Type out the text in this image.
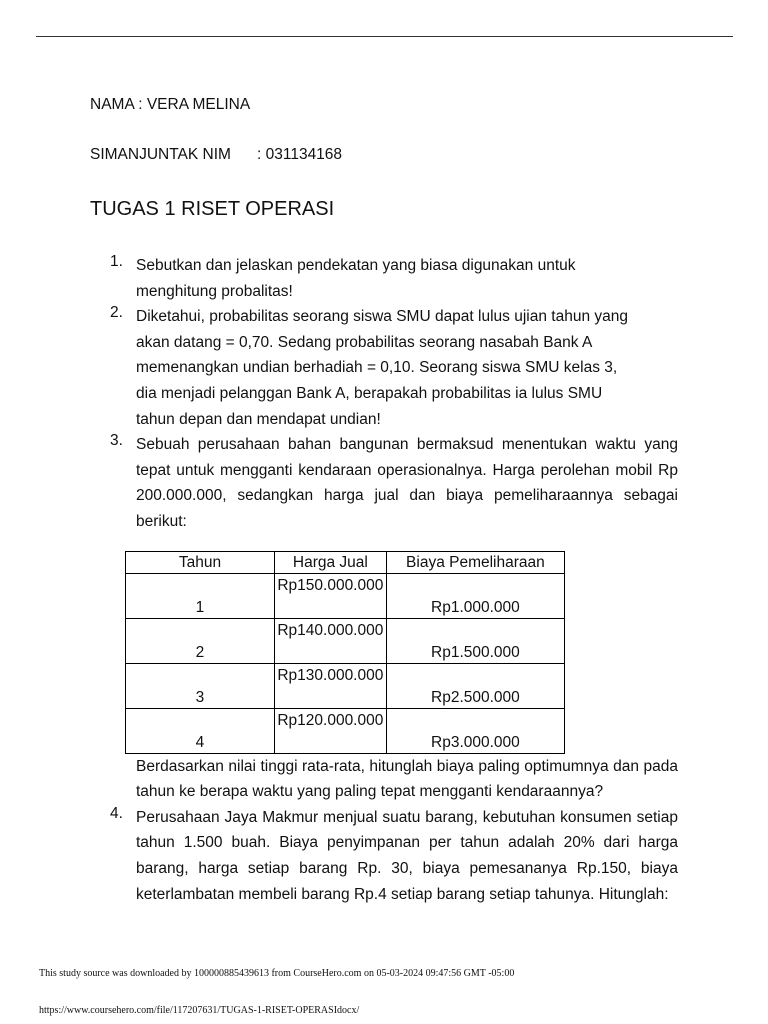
NAMA : VERA MELINA
SIMANJUNTAK NIM : 031134168
TUGAS 1 RISET OPERASI
1. Sebutkan dan jelaskan pendekatan yang biasa digunakan untuk
menghitung probalitas!
2. Diketahui, probabilitas seorang siswa SMU dapat lulus ujian tahun yang
akan datang = 0,70. Sedang probabilitas seorang nasabah Bank A
memenangkan undian berhadiah = 0,10. Seorang siswa SMU kelas 3,
dia menjadi pelanggan Bank A, berapakah probabilitas ia lulus SMU
tahun depan dan mendapat undian!
3. Sebuah perusahaan bahan bangunan bermaksud menentukan waktu yang tepat untuk mengganti kendaraan operasionalnya. Harga perolehan mobil Rp 200.000.000, sedangkan harga jual dan biaya pemeliharaannya sebagai berikut:

Tahun	Harga Jual	Biaya Pemeliharaan
1	Rp150.000.000	Rp1.000.000
2	Rp140.000.000	Rp1.500.000
3	Rp130.000.000	Rp2.500.000
4	Rp120.000.000	Rp3.000.000

Berdasarkan nilai tinggi rata-rata, hitunglah biaya paling optimumnya dan pada tahun ke berapa waktu yang paling tepat mengganti kendaraannya?

4. Perusahaan Jaya Makmur menjual suatu barang, kebutuhan konsumen setiap tahun 1.500 buah. Biaya penyimpanan per tahun adalah 20% dari harga barang, harga setiap barang Rp. 30, biaya pemesananya Rp.150, biaya keterlambatan membeli barang Rp.4 setiap barang setiap tahunya. Hitunglah:

This study source was downloaded by 100000885439613 from CourseHero.com on 05-03-2024 09:47:56 GMT -05:00
https://www.coursehero.com/file/117207631/TUGAS-1-RISET-OPERASIdocx/
